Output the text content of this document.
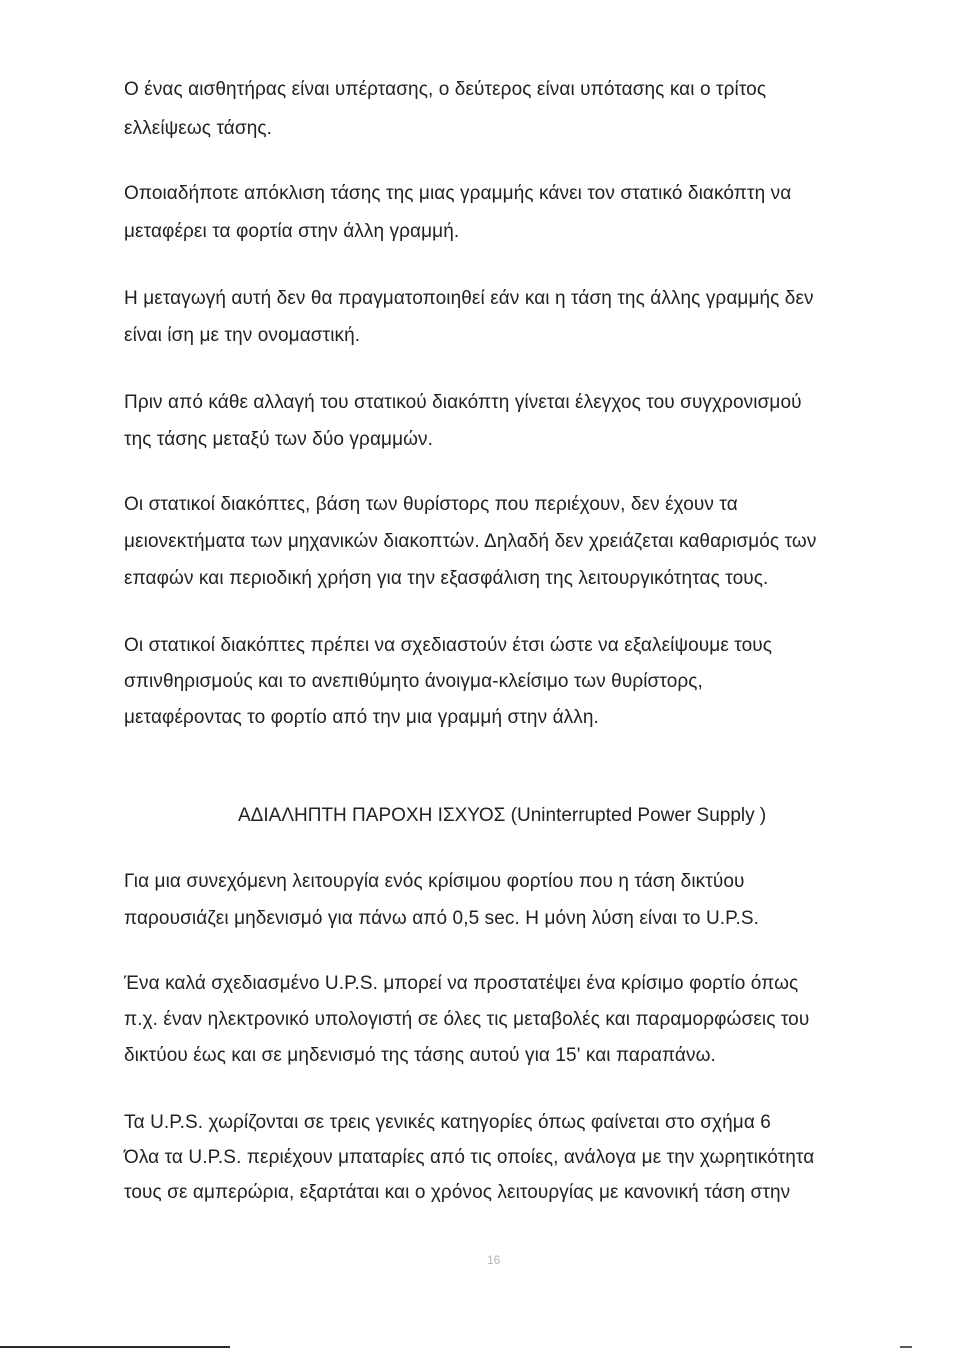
Ο ένας αισθητήρας είναι υπέρτασης, ο δεύτερος είναι υπότασης και ο τρίτος
ελλείψεως τάσης.
Οποιαδήποτε απόκλιση τάσης της μιας γραμμής κάνει τον στατικό διακόπτη να
μεταφέρει τα φορτία στην άλλη γραμμή.
Η μεταγωγή αυτή δεν θα πραγματοποιηθεί εάν και η τάση της άλλης γραμμής δεν
είναι ίση με την ονομαστική.
Πριν από κάθε αλλαγή του στατικού διακόπτη γίνεται έλεγχος του συγχρονισμού
της τάσης μεταξύ των δύο γραμμών.
Οι στατικοί διακόπτες, βάση των θυρίστορς που περιέχουν, δεν έχουν τα
μειονεκτήματα των μηχανικών διακοπτών. Δηλαδή δεν χρειάζεται καθαρισμός των
επαφών και περιοδική χρήση για την εξασφάλιση της λειτουργικότητας τους.
Οι στατικοί διακόπτες πρέπει να σχεδιαστούν έτσι ώστε να εξαλείψουμε τους
σπινθηρισμούς και το ανεπιθύμητο άνοιγμα-κλείσιμο των θυρίστορς,
μεταφέροντας το φορτίο από την μια γραμμή στην άλλη.
ΑΔΙΑΛΗΠΤΗ ΠΑΡΟΧΗ ΙΣΧΥΟΣ (Uninterrupted Power Supply )
Για μια συνεχόμενη λειτουργία ενός κρίσιμου φορτίου που η τάση δικτύου
παρουσιάζει μηδενισμό για πάνω από 0,5 sec. Η μόνη λύση είναι το U.P.S.
Ένα καλά σχεδιασμένο U.P.S. μπορεί να προστατέψει ένα κρίσιμο φορτίο όπως
π.χ. έναν ηλεκτρονικό υπολογιστή σε όλες τις μεταβολές και παραμορφώσεις του
δικτύου έως και σε μηδενισμό της τάσης αυτού για 15' και παραπάνω.
Τα U.P.S. χωρίζονται σε τρεις γενικές κατηγορίες όπως φαίνεται στο σχήμα 6
Όλα τα U.P.S. περιέχουν μπαταρίες από τις οποίες, ανάλογα με την χωρητικότητα
τους σε αμπερώρια, εξαρτάται και ο χρόνος λειτουργίας με κανονική τάση στην
16
